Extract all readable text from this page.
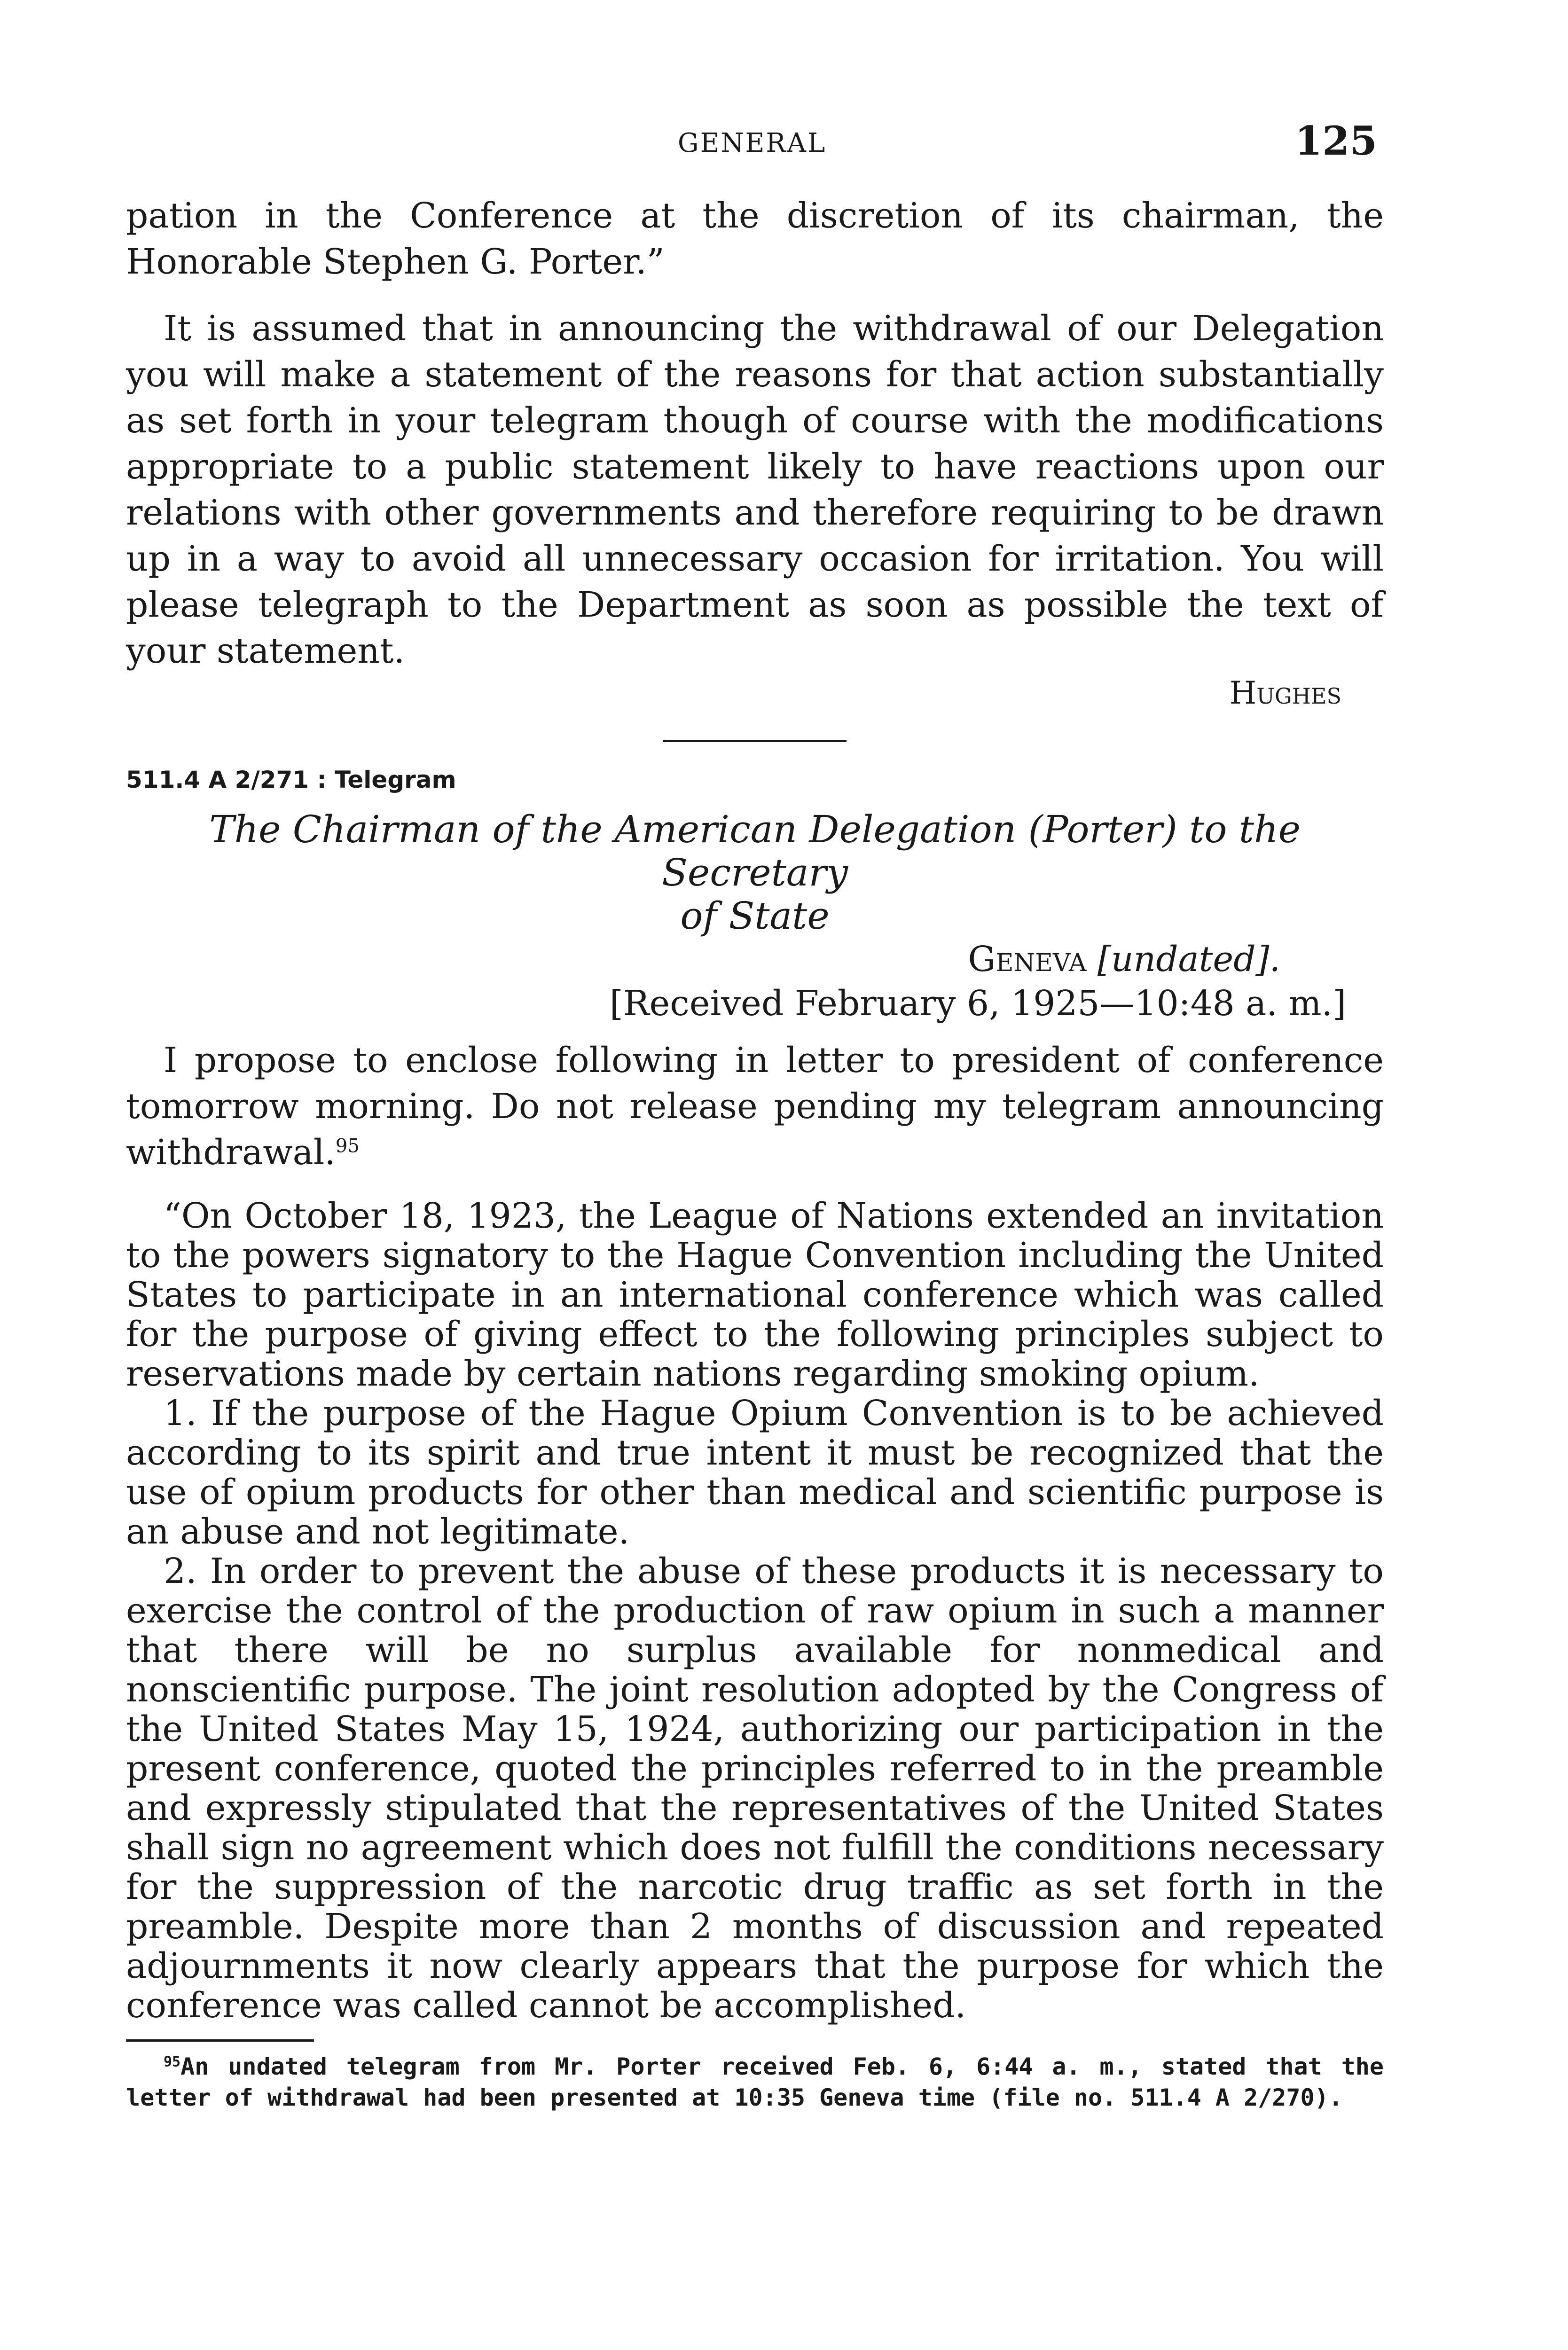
GENERAL	125

pation in the Conference at the discretion of its chairman, the Honorable Stephen G. Porter.”

It is assumed that in announcing the withdrawal of our Delegation you will make a statement of the reasons for that action substantially as set forth in your telegram though of course with the modifications appropriate to a public statement likely to have reactions upon our relations with other governments and therefore requiring to be drawn up in a way to avoid all unnecessary occasion for irritation. You will please telegraph to the Department as soon as possible the text of your statement.

Hughes
511.4 A 2/271 : Telegram
The Chairman of the American Delegation (Porter) to the Secretary
of State
Geneva [undated].
[Received February 6, 1925—10:48 a. m.]

I propose to enclose following in letter to president of conference tomorrow morning. Do not release pending my telegram announcing withdrawal.$^{95}$

“On October 18, 1923, the League of Nations extended an invitation to the powers signatory to the Hague Convention including the United States to participate in an international conference which was called for the purpose of giving effect to the following principles subject to reservations made by certain nations regarding smoking opium.

1. If the purpose of the Hague Opium Convention is to be achieved according to its spirit and true intent it must be recognized that the use of opium products for other than medical and scientific purpose is an abuse and not legitimate.

2. In order to prevent the abuse of these products it is necessary to exercise the control of the production of raw opium in such a manner that there will be no surplus available for nonmedical and nonscientific purpose. The joint resolution adopted by the Congress of the United States May 15, 1924, authorizing our participation in the present conference, quoted the principles referred to in the preamble and expressly stipulated that the representatives of the United States shall sign no agreement which does not fulfill the conditions necessary for the suppression of the narcotic drug traffic as set forth in the preamble. Despite more than 2 months of discussion and repeated adjournments it now clearly appears that the purpose for which the conference was called cannot be accomplished.

$^{95}$An undated telegram from Mr. Porter received Feb. 6, 6:44 a. m., stated that the letter of withdrawal had been presented at 10:35 Geneva time (file no. 511.4 A 2/270).
